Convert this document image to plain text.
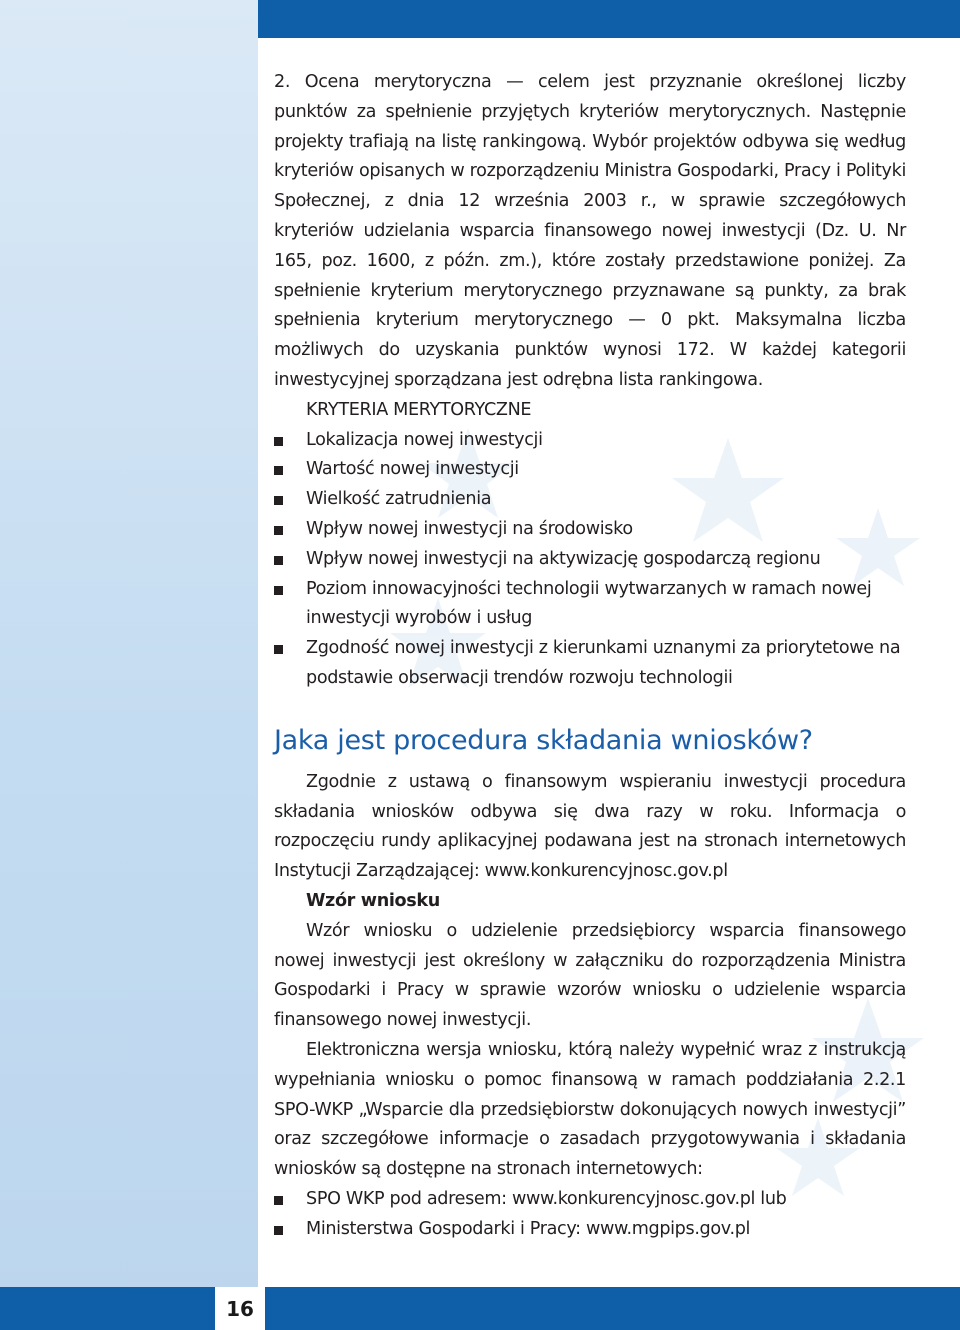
2. Ocena merytoryczna — celem jest przyznanie określonej liczby punktów za spełnienie przyjętych kryteriów merytorycznych. Następnie projekty trafiają na listę rankingową. Wybór projektów odbywa się według kryteriów opisanych w rozporządzeniu Ministra Gospodarki, Pracy i Polityki Społecznej, z dnia 12 września 2003 r., w sprawie szczegółowych kryteriów udzielania wsparcia finansowego nowej inwestycji (Dz. U. Nr 165, poz. 1600, z późn. zm.), które zostały przedstawione poniżej. Za spełnienie kryterium merytorycznego przyznawane są punkty, za brak spełnienia kryterium merytorycznego — 0 pkt. Maksymalna liczba możliwych do uzyskania punktów wynosi 172. W każdej kategorii inwestycyjnej sporządzana jest odrębna lista rankingowa.

KRYTERIA MERYTORYCZNE
Lokalizacja nowej inwestycji
Wartość nowej inwestycji
Wielkość zatrudnienia
Wpływ nowej inwestycji na środowisko
Wpływ nowej inwestycji na aktywizację gospodarczą regionu
Poziom innowacyjności technologii wytwarzanych w ramach nowej inwestycji wyrobów i usług
Zgodność nowej inwestycji z kierunkami uznanymi za priorytetowe na podstawie obserwacji trendów rozwoju technologii
Jaka jest procedura składania wniosków?

Zgodnie z ustawą o finansowym wspieraniu inwestycji procedura składania wniosków odbywa się dwa razy w roku. Informacja o rozpoczęciu rundy aplikacyjnej podawana jest na stronach internetowych Instytucji Zarządzającej: www.konkurencyjnosc.gov.pl

Wzór wniosku

Wzór wniosku o udzielenie przedsiębiorcy wsparcia finansowego nowej inwestycji jest określony w załączniku do rozporządzenia Ministra Gospodarki i Pracy w sprawie wzorów wniosku o udzielenie wsparcia finansowego nowej inwestycji.

Elektroniczna wersja wniosku, którą należy wypełnić wraz z instrukcją wypełniania wniosku o pomoc finansową w ramach poddziałania 2.2.1 SPO-WKP „Wsparcie dla przedsiębiorstw dokonujących nowych inwestycji” oraz szczegółowe informacje o zasadach przygotowywania i składania wniosków są dostępne na stronach internetowych:

SPO WKP pod adresem: www.konkurencyjnosc.gov.pl lub
Ministerstwa Gospodarki i Pracy: www.mgpips.gov.pl
16
